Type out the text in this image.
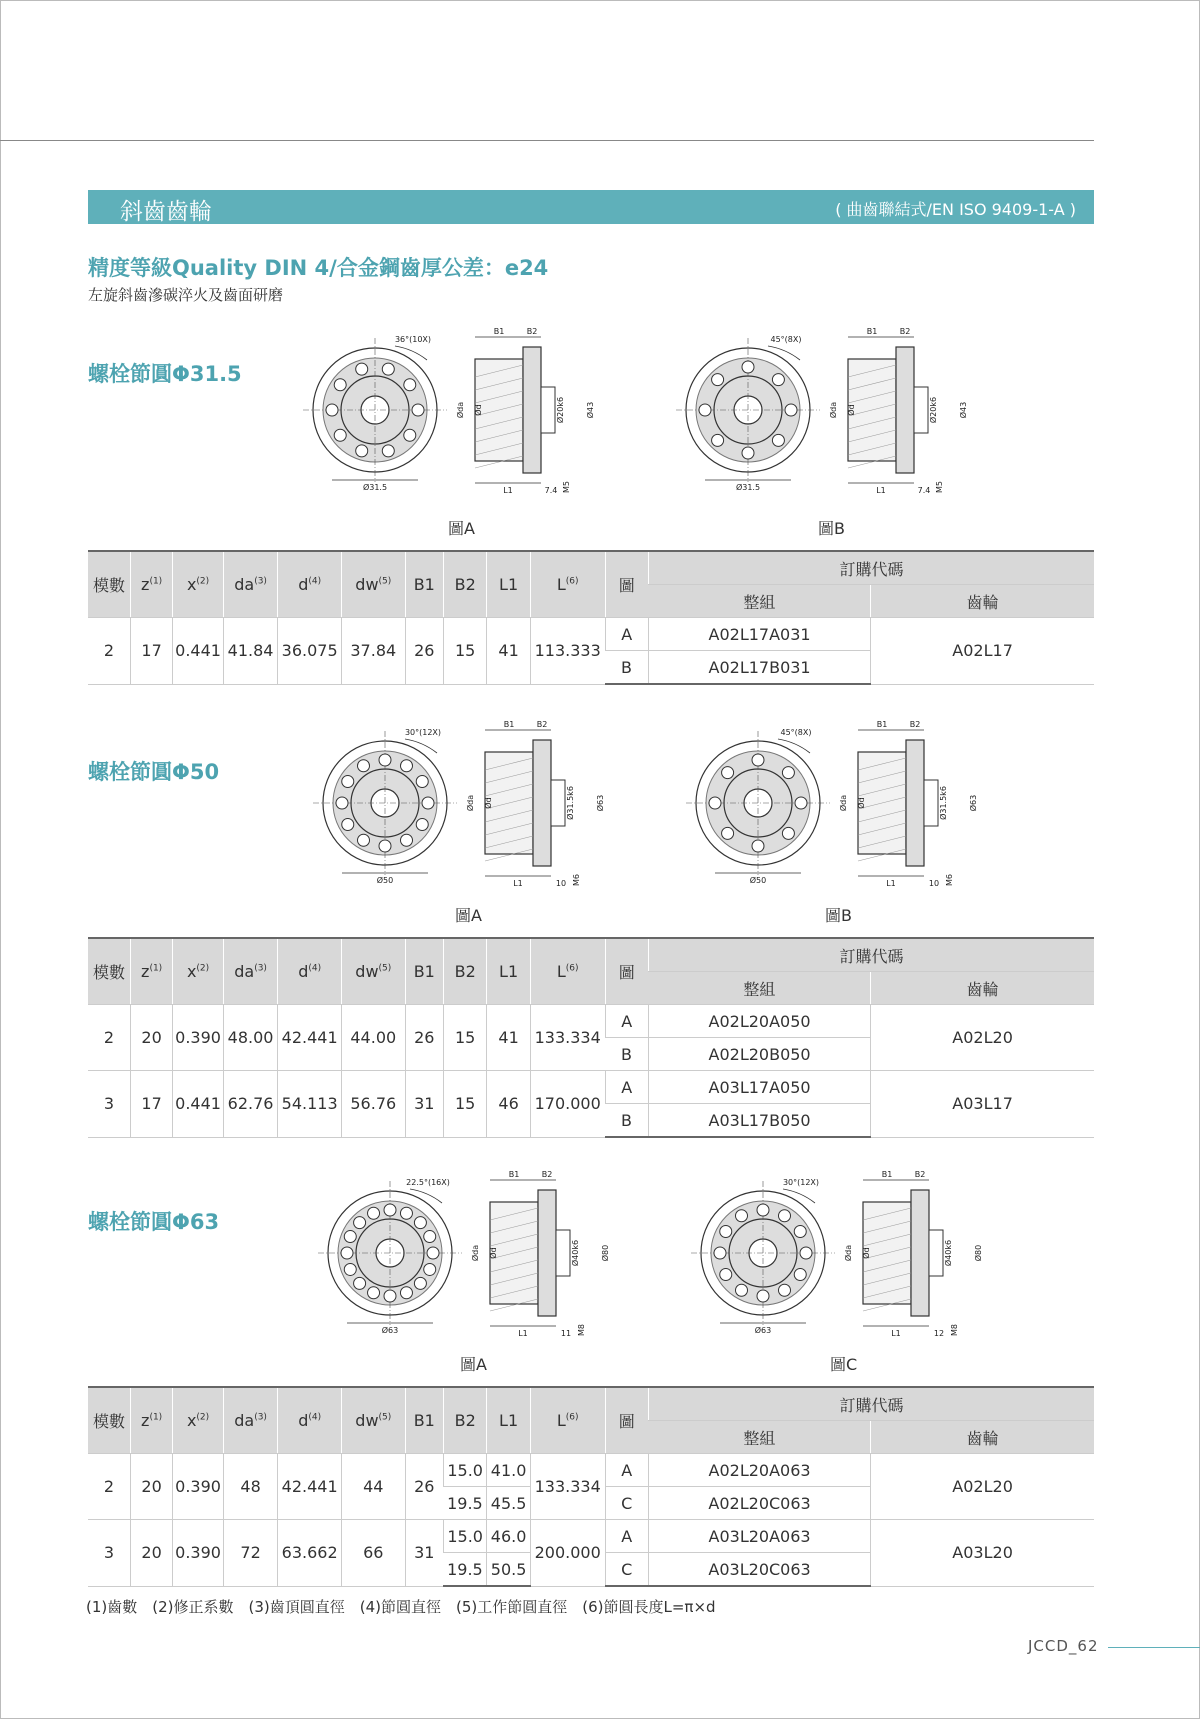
斜齒齒輪	( 曲齒聯結式/EN ISO 9409-1-A )
精度等級Quality DIN 4/合金鋼齒厚公差：e24
左旋斜齒滲碳淬火及齒面研磨
螺栓節圓Φ31.5
36°(10X)
Ø31.5
B1	B2
Øda Ød	Ø20k6	Ø43
L1	7.4 M5
圖A
45°(8X)
Ø31.5
B1	B2
Øda Ød	Ø20k6	Ø43
L1	7.4 M5
圖B
模數	$z^{(1)}$	$x^{(2)}$	$da^{(3)}$	$d^{(4)}$	$dw^{(5)}$	B1	B2	L1	$L^{(6)}$	圖	訂購代碼	
											整組	齒輪
2	17	0.441	41.84	36.075	37.84	26	15	41	113.333	A	A02L17A031	A02L17
										B	A02L17B031	
螺栓節圓Φ50
30°(12X)
Ø50
B1	B2
Øda Ød	Ø31.5k6	Ø63
L1	10 M6
圖A
45°(8X)
Ø50
B1	B2
Øda Ød	Ø31.5k6	Ø63
L1	10 M6
圖B
模數	$z^{(1)}$	$x^{(2)}$	$da^{(3)}$	$d^{(4)}$	$dw^{(5)}$	B1	B2	L1	$L^{(6)}$	圖	訂購代碼	
											整組	齒輪
2	20	0.390	48.00	42.441	44.00	26	15	41	133.334	A	A02L20A050	A02L20
										B	A02L20B050	
3	17	0.441	62.76	54.113	56.76	31	15	46	170.000	A	A03L17A050	A03L17
										B	A03L17B050	
螺栓節圓Φ63
22.5°(16X)
Ø63
B1	B2
Øda Ød	Ø40k6	Ø80
L1	11 M8
圖A
30°(12X)
Ø63
B1	B2
Øda Ød	Ø40k6	Ø80
L1	12 M8
圖C
模數	$z^{(1)}$	$x^{(2)}$	$da^{(3)}$	$d^{(4)}$	$dw^{(5)}$	B1	B2	L1	$L^{(6)}$	圖	訂購代碼	
											整組	齒輪
2	20	0.390	48	42.441	44	26	15.0	41.0	133.334	A	A02L20A063	A02L20
							19.5	45.5		C	A02L20C063	
3	20	0.390	72	63.662	66	31	15.0	46.0	200.000	A	A03L20A063	A03L20
							19.5	50.5		C	A03L20C063	
(1)齒數　(2)修正系數　(3)齒頂圓直徑　(4)節圓直徑　(5)工作節圓直徑　(6)節圓長度L=π×d
JCCD_62
